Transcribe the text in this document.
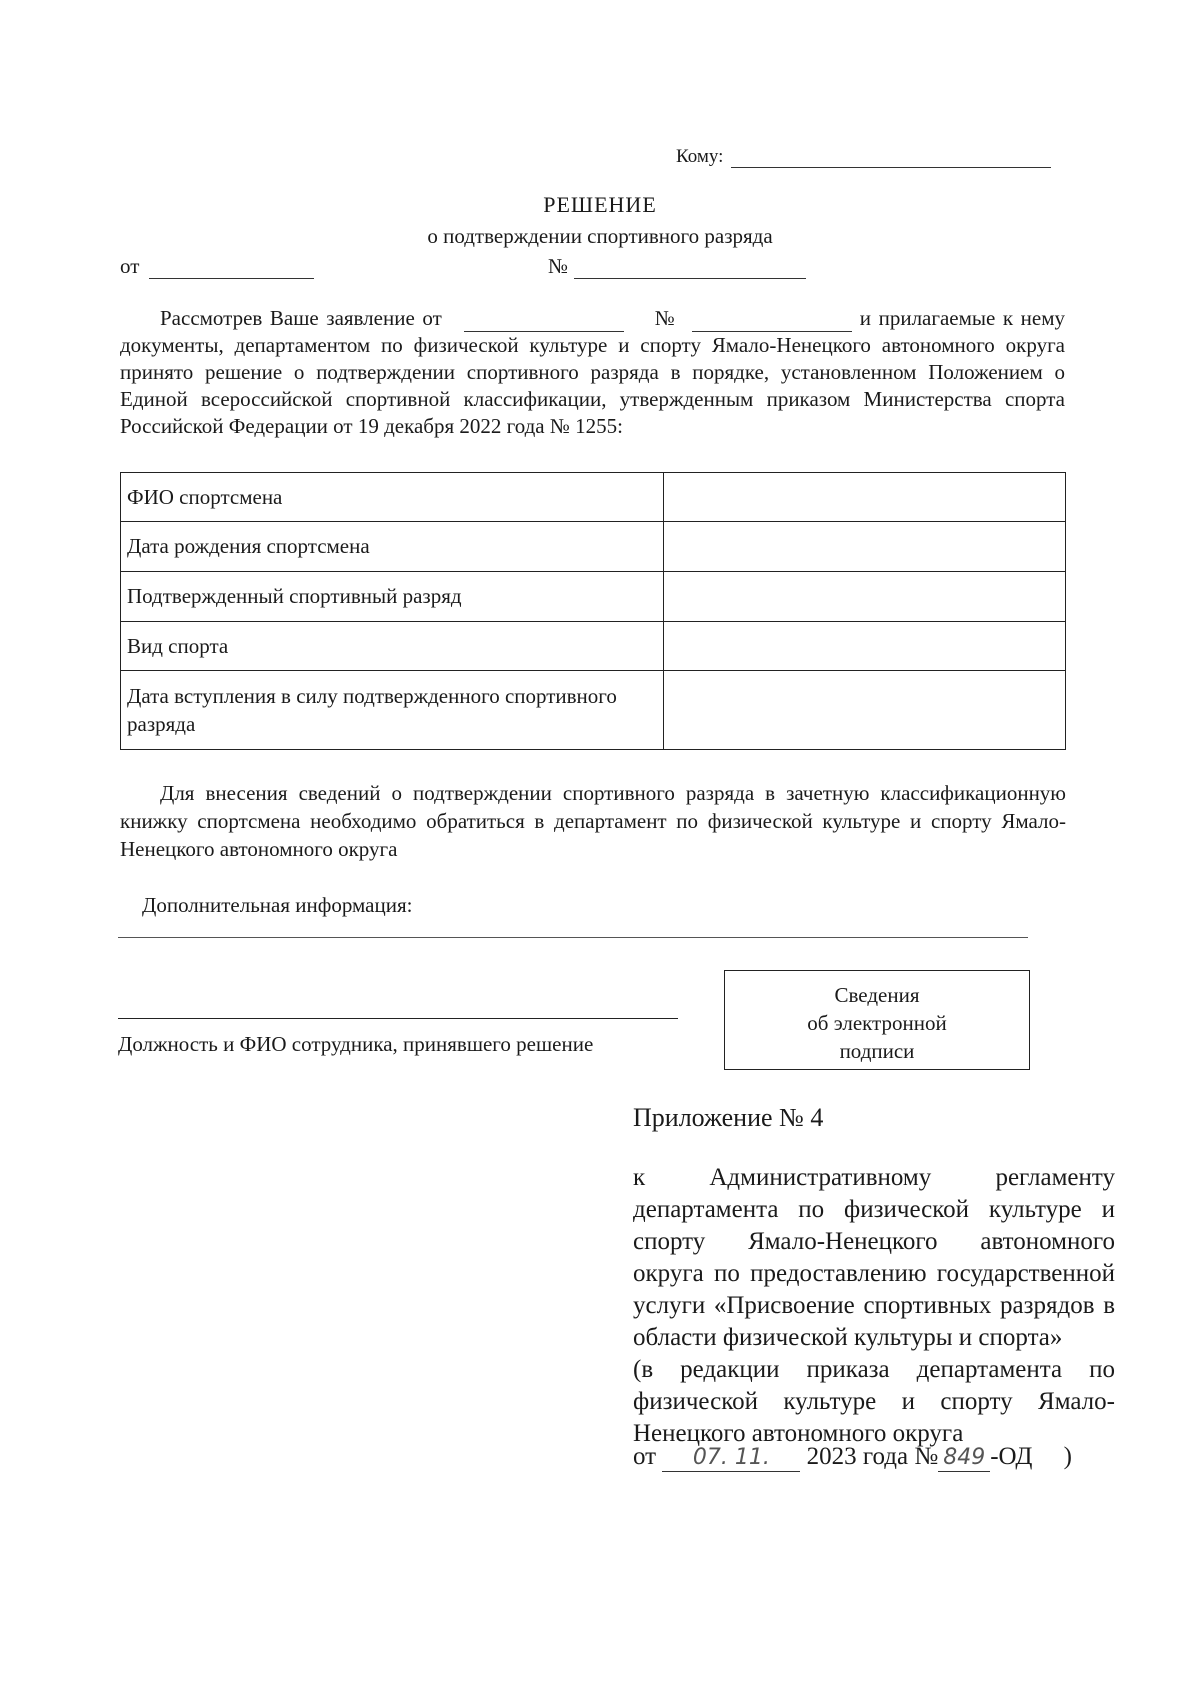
Кому:
РЕШЕНИЕ
о подтверждении спортивного разряда
от	№
Рассмотрев Ваше заявление от	№	и прилагаемые к нему документы, департаментом по физической культуре и спорту Ямало-Ненецкого автономного округа принято решение о подтверждении спортивного разряда в порядке, установленном Положением о Единой всероссийской спортивной классификации, утвержденным приказом Министерства спорта Российской Федерации от 19 декабря 2022 года № 1255:
ФИО спортсмена	
Дата рождения спортсмена	
Подтвержденный спортивный разряд	
Вид спорта	
Дата вступления в силу подтвержденного спортивного разряда	
Для внесения сведений о подтверждении спортивного разряда в зачетную классификационную книжку спортсмена необходимо обратиться в департамент по физической культуре и спорту Ямало-Ненецкого автономного округа
Дополнительная информация:
Должность и ФИО сотрудника, принявшего решение
Сведения
об электронной
подписи
Приложение № 4
к Административному регламенту департамента по физической культуре и спорту Ямало-Ненецкого автономного округа по предоставлению государственной услуги «Присвоение спортивных разрядов в области физической культуры и спорта»
(в редакции приказа департамента по физической культуре и спорту Ямало-Ненецкого автономного округа
от 07. 11. 2023 года № 849 -ОД )
